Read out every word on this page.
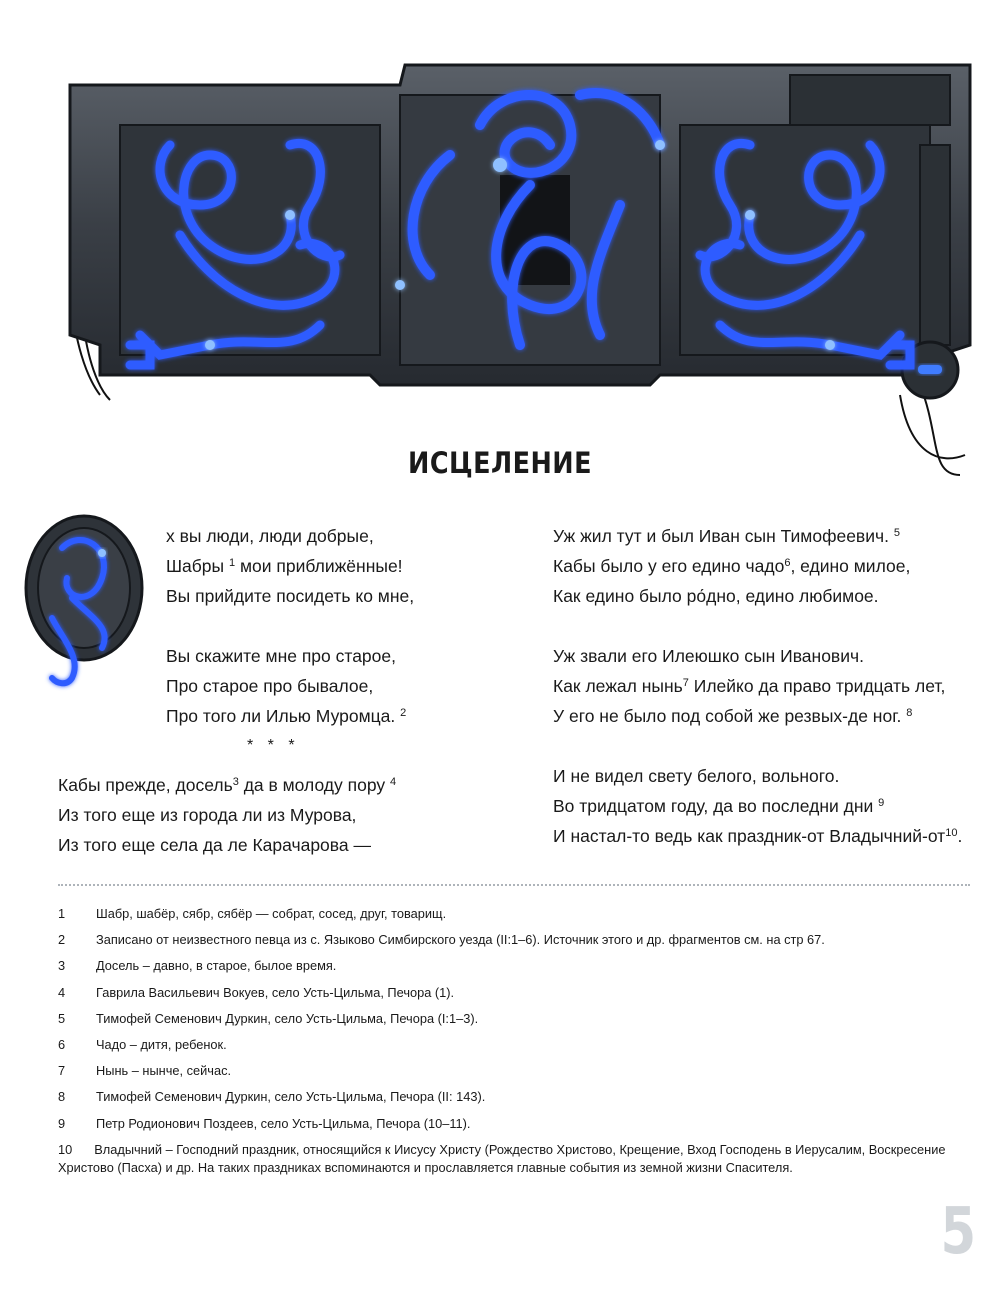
ИСЦЕЛЕНИЕ
х вы люди, люди добрые,
Шабры $^1$ мои приближённые!
Вы прийдите посидеть ко мне,
Вы скажите мне про старое,
Про старое про бывалое,
Про того ли Илью Муромца. $^2$
* * *
Кабы прежде, досель$^3$ да в молоду пору $^4$
Из того еще из города ли из Мурова,
Из того еще села да ле Карачарова —
Уж жил тут и был Иван сын Тимофеевич. $^5$
Кабы было у его едино чадо$^6$, едино милое,
Как едино было ро́дно, едино любимое.
Уж звали его Илеюшко сын Иванович.
Как лежал нынь$^7$ Илейко да право тридцать лет,
У его не было под собой же резвых-де ног. $^8$
И не видел свету белого, вольного.
Во тридцатом году, да во последни дни $^9$
И настал-то ведь как праздник-от Владычний-$от^{10}$.
1 Шабр, шабёр, сябр, сябёр — собрат, сосед, друг, товарищ.
2 Записано от неизвестного певца из с. Языково Симбирского уезда (II:1–6). Источник этого и др. фрагментов см. на стр 67.
3 Досель – давно, в старое, былое время.
4 Гаврила Васильевич Вокуев, село Усть-Цильма, Печора (1).
5 Тимофей Семенович Дуркин, село Усть-Цильма, Печора (I:1–3).
6 Чадо – дитя, ребенок.
7 Нынь – нынче, сейчас.
8 Тимофей Семенович Дуркин, село Усть-Цильма, Печора (II: 143).
9 Петр Родионович Поздеев, село Усть-Цильма, Печора (10–11).
10 Владычний – Господний праздник, относящийся к Иисусу Христу (Рождество Христово, Крещение, Вход Господень в Иерусалим, Воскресение Христово (Пасха) и др. На таких праздниках вспоминаются и прославляется главные события из земной жизни Спасителя.
5
